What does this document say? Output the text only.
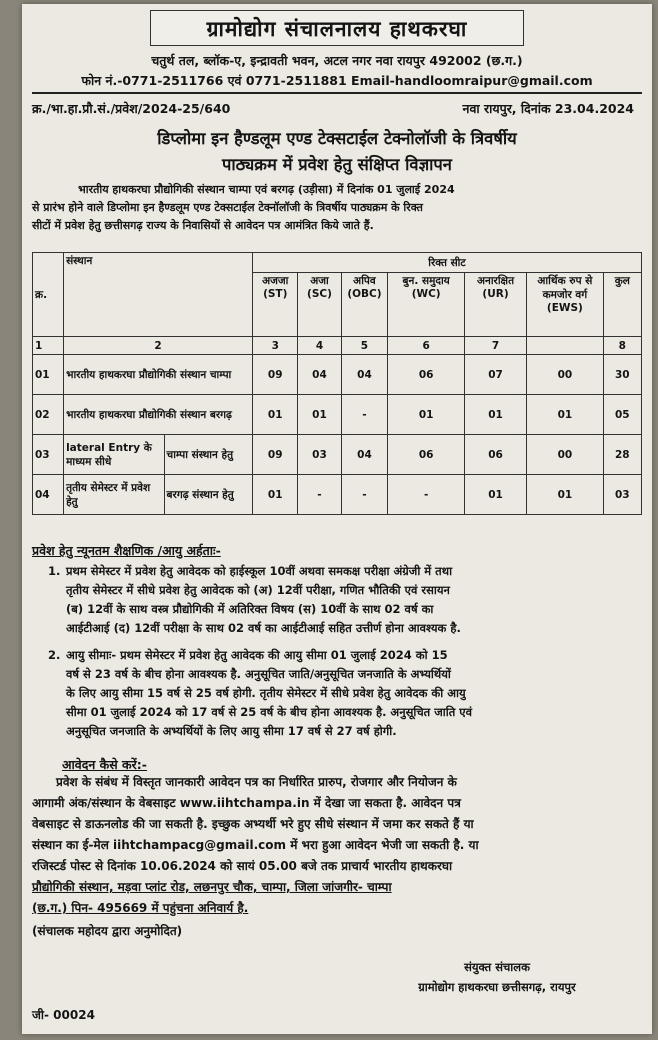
ग्रामोद्योग संचालनालय हाथकरघा
चतुर्थ तल, ब्लॉक-ए, इन्द्रावती भवन, अटल नगर नवा रायपुर 492002 (छ.ग.)
फोन नं.-0771-2511766 एवं 0771-2511881 Email-handloomraipur@gmail.com
क्र./भा.हा.प्रौ.सं./प्रवेश/2024-25/640	नवा रायपुर, दिनांक 23.04.2024
डिप्लोमा इन हैण्डलूम एण्ड टेक्सटाईल टेक्नोलॉजी के त्रिवर्षीय
पाठ्यक्रम में प्रवेश हेतु संक्षिप्त विज्ञापन
भारतीय हाथकरघा प्रौद्योगिकी संस्थान चाम्पा एवं बरगढ़ (उड़ीसा) में दिनांक 01 जुलाई 2024
से प्रारंभ होने वाले डिप्लोमा इन हैण्डलूम एण्ड टेक्सटाईल टेक्नॉलॉजी के त्रिवर्षीय पाठ्यक्रम के रिक्त
सीटों में प्रवेश हेतु छत्तीसगढ़ राज्य के निवासियों से आवेदन पत्र आमंत्रित किये जाते हैं.
क्र.	संस्थान		रिक्त सीट						
			अजजा (ST)	अजा (SC)	अपिव (OBC)	बुन. समुदाय (WC)	अनारक्षित (UR)	आर्थिक रुप से कमजोर वर्ग (EWS)	कुल
1	2		3	4	5	6	7		8
01	भारतीय हाथकरघा प्रौद्योगिकी संस्थान चाम्पा		09	04	04	06	07	00	30
02	भारतीय हाथकरघा प्रौद्योगिकी संस्थान बरगढ़		01	01	-	01	01	01	05
03	lateral Entry के माध्यम सीधे	चाम्पा संस्थान हेतु	09	03	04	06	06	00	28
04	तृतीय सेमेस्टर में प्रवेश हेतु	बरगढ़ संस्थान हेतु	01	-	-	-	01	01	03
प्रवेश हेतु न्यूनतम शैक्षणिक /आयु अर्हताः-
1. प्रथम सेमेस्टर में प्रवेश हेतु आवेदक को हाईस्कूल 10वीं अथवा समकक्ष परीक्षा अंग्रेजी में तथा
तृतीय सेमेस्टर में सीधे प्रवेश हेतु आवेदक को (अ) 12वीं परीक्षा, गणित भौतिकी एवं रसायन
(ब) 12वीं के साथ वस्त्र प्रौद्योगिकी में अतिरिक्त विषय (स) 10वीं के साथ 02 वर्ष का
आईटीआई (द) 12वीं परीक्षा के साथ 02 वर्ष का आईटीआई सहित उत्तीर्ण होना आवश्यक है.
2. आयु सीमाः- प्रथम सेमेस्टर में प्रवेश हेतु आवेदक की आयु सीमा 01 जुलाई 2024 को 15
वर्ष से 23 वर्ष के बीच होना आवश्यक है. अनुसूचित जाति/अनुसूचित जनजाति के अभ्यर्थियों
के लिए आयु सीमा 15 वर्ष से 25 वर्ष होगी. तृतीय सेमेस्टर में सीधे प्रवेश हेतु आवेदक की आयु
सीमा 01 जुलाई 2024 को 17 वर्ष से 25 वर्ष के बीच होना आवश्यक है. अनुसूचित जाति एवं
अनुसूचित जनजाति के अभ्यर्थियों के लिए आयु सीमा 17 वर्ष से 27 वर्ष होगी.
आवेदन कैसे करें:-
प्रवेश के संबंध में विस्तृत जानकारी आवेदन पत्र का निर्धारित प्रारुप, रोजगार और नियोजन के
आगामी अंक/संस्थान के वेबसाइट www.iihtchampa.in में देखा जा सकता है. आवेदन पत्र
वेबसाइट से डाऊनलोड की जा सकती है. इच्छुक अभ्यर्थी भरे हुए सीधे संस्थान में जमा कर सकते हैं या
संस्थान का ई-मेल iihtchampacg@gmail.com में भरा हुआ आवेदन भेजी जा सकती है. या
रजिस्टर्ड पोस्ट से दिनांक 10.06.2024 को सायं 05.00 बजे तक प्राचार्य भारतीय हाथकरघा
प्रौद्योगिकी संस्थान, मड़वा प्लांट रोड, लछनपुर चौक, चाम्पा, जिला जांजगीर- चाम्पा
(छ.ग.) पिन- 495669 में पहुंचना अनिवार्य है.
(संचालक महोदय द्वारा अनुमोदित)
संयुक्त संचालक
ग्रामोद्योग हाथकरघा छत्तीसगढ़, रायपुर
जी- 00024
